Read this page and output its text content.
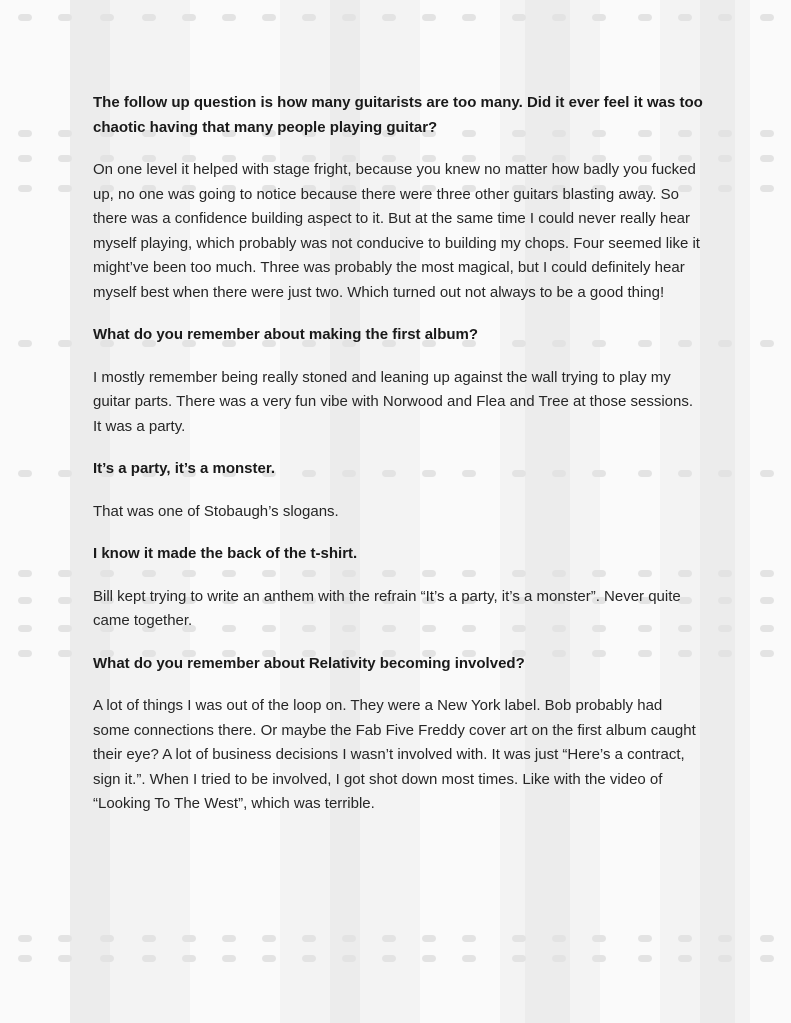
The follow up question is how many guitarists are too many. Did it ever feel it was too chaotic having that many people playing guitar?

On one level it helped with stage fright, because you knew no matter how badly you fucked up, no one was going to notice because there were three other guitars blasting away. So there was a confidence building aspect to it. But at the same time I could never really hear myself playing, which probably was not conducive to building my chops. Four seemed like it might’ve been too much. Three was probably the most magical, but I could definitely hear myself best when there were just two. Which turned out not always to be a good thing!

What do you remember about making the first album?

I mostly remember being really stoned and leaning up against the wall trying to play my guitar parts. There was a very fun vibe with Norwood and Flea and Tree at those sessions. It was a party.

It’s a party, it’s a monster.

That was one of Stobaugh’s slogans.

I know it made the back of the t-shirt.

Bill kept trying to write an anthem with the refrain “It’s a party, it’s a monster”. Never quite came together.

What do you remember about Relativity becoming involved?

A lot of things I was out of the loop on. They were a New York label. Bob probably had some connections there. Or maybe the Fab Five Freddy cover art on the first album caught their eye? A lot of business decisions I wasn’t involved with. It was just “Here’s a contract, sign it.”. When I tried to be involved, I got shot down most times. Like with the video of “Looking To The West”, which was terrible.
